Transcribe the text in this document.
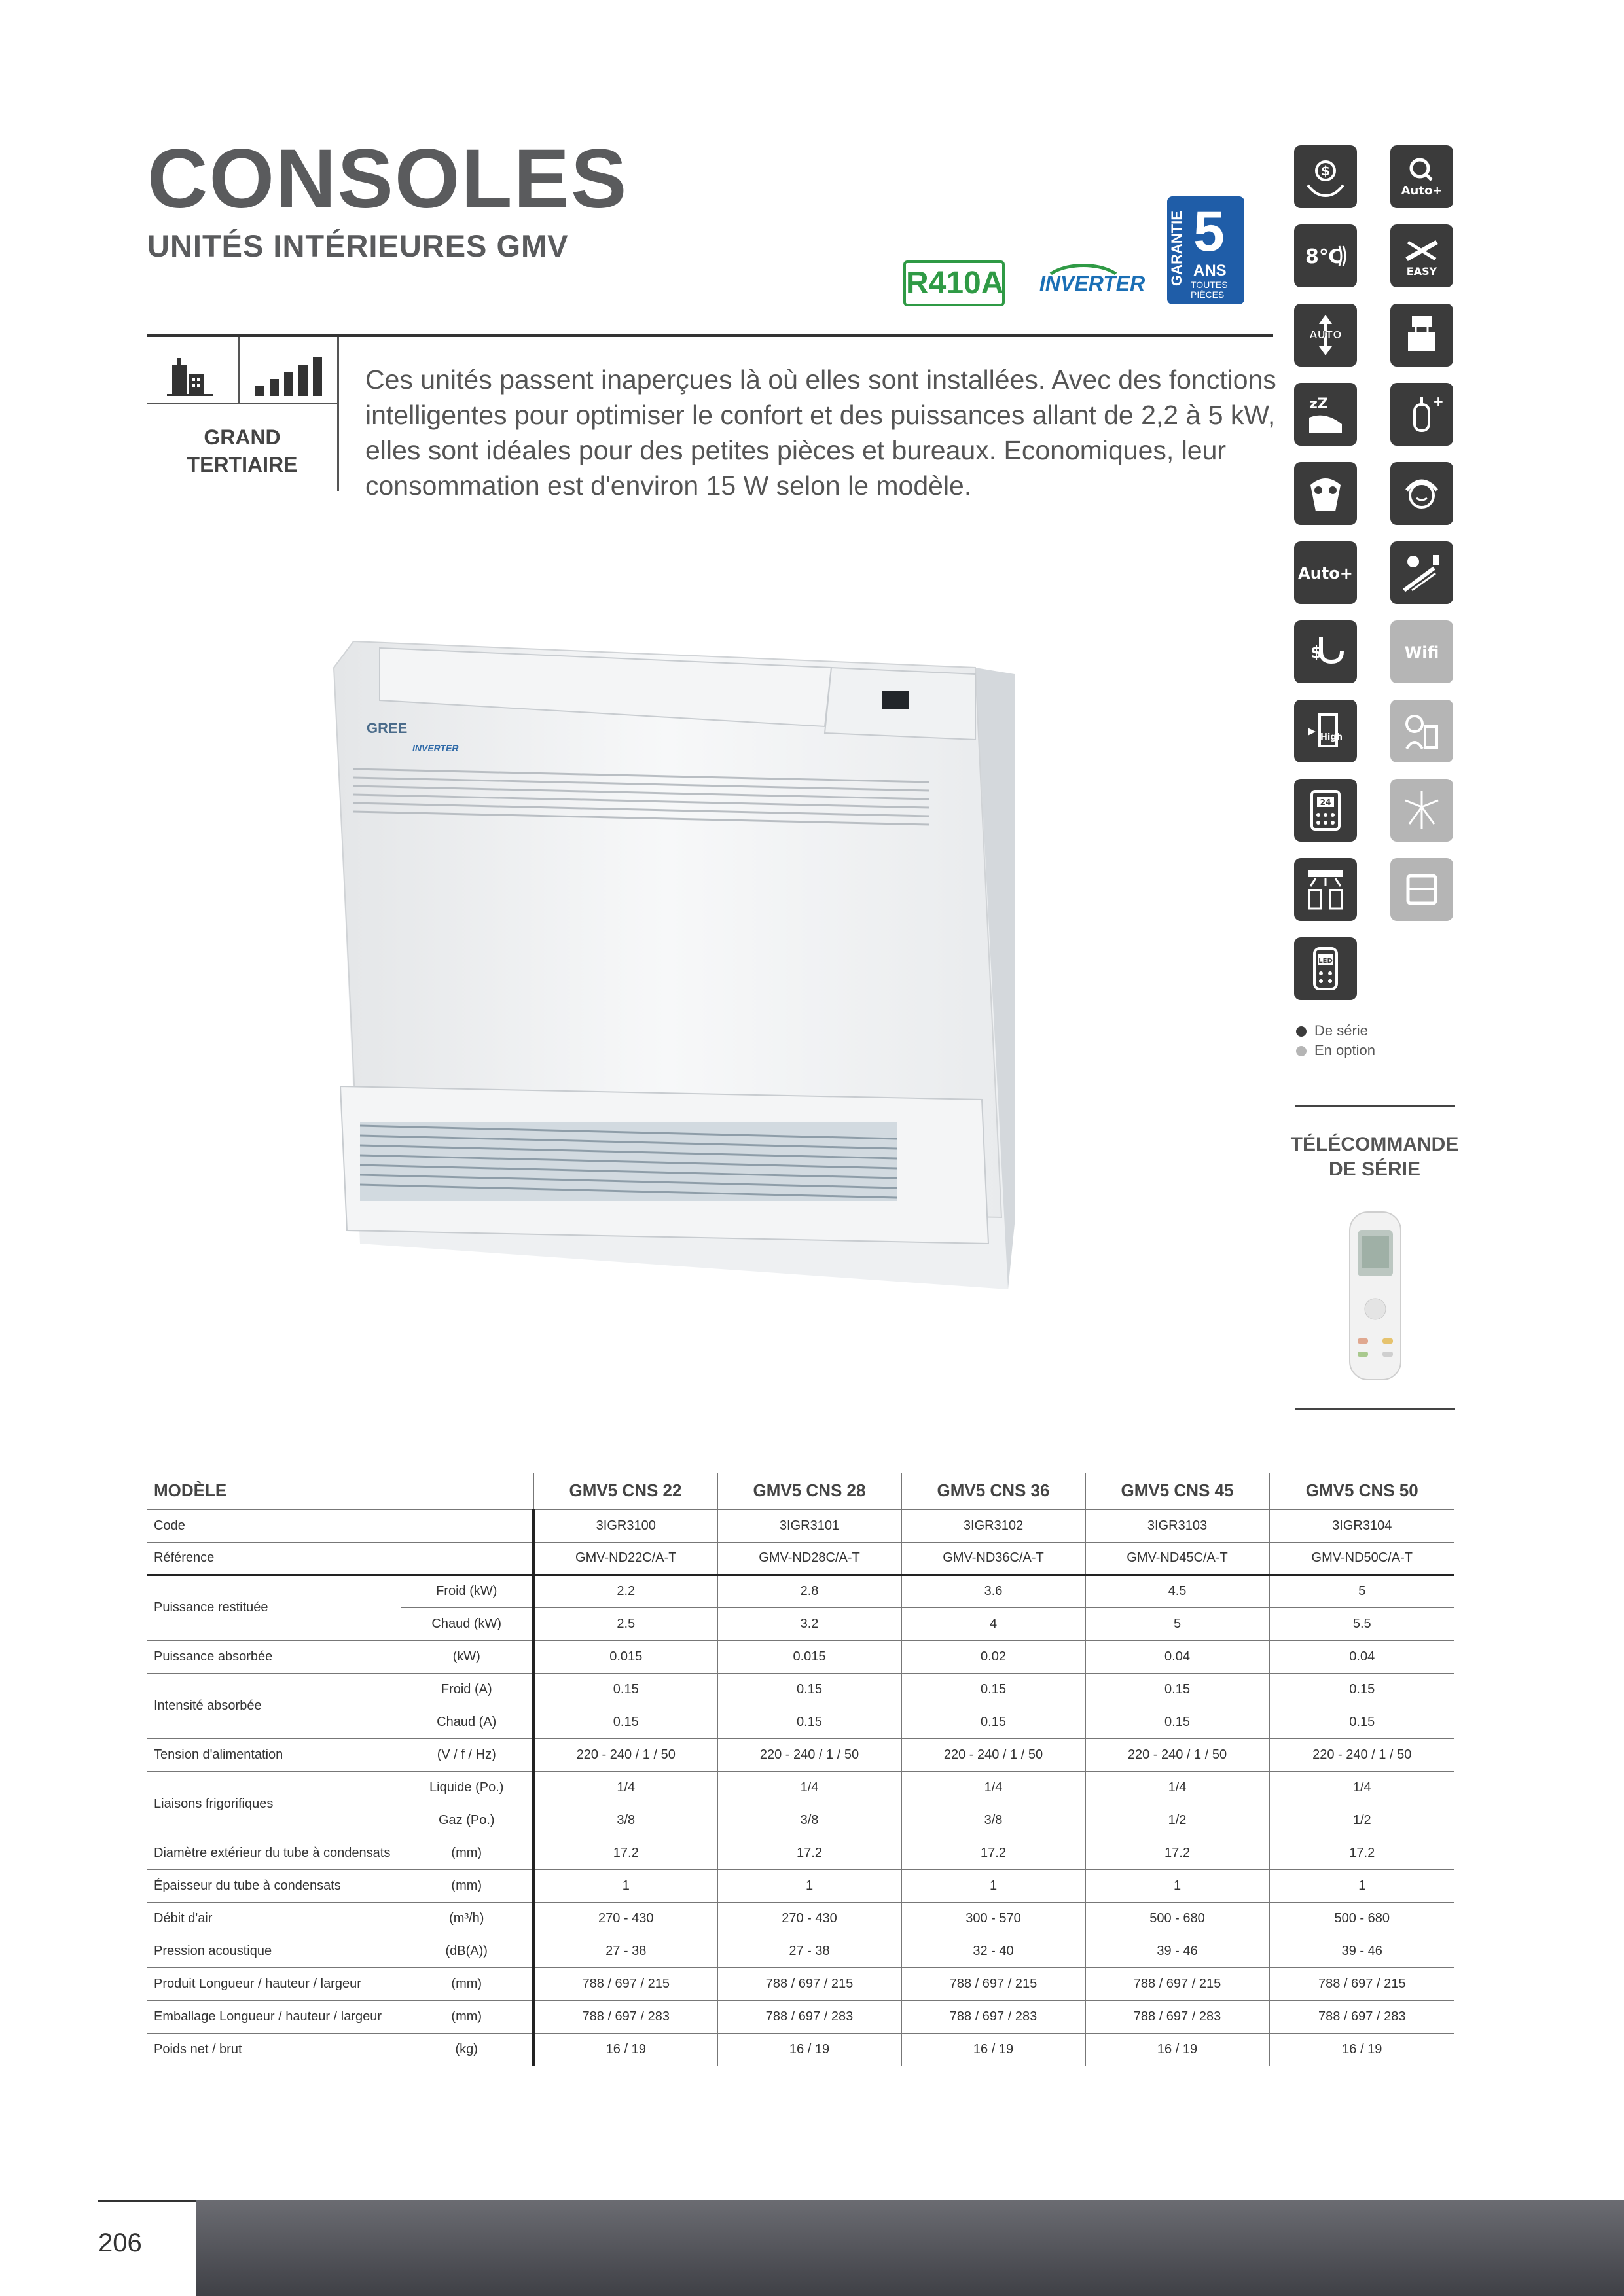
CONSOLES
UNITÉS INTÉRIEURES GMV
R410A INVERTER GARANTIE 5
ANS
TOUTES PIÈCES
GRAND TERTIAIRE
Ces unités passent inaperçues là où elles sont installées. Avec des fonctions intelligentes pour optimiser le confort et des puissances allant de 2,2 à 5 kW, elles sont idéales pour des petites pièces et bureaux. Economiques, leur consommation est d'environ 15 W selon le modèle.
GREE
INVERTER
$
Auto+
8℃
EASY
AUTO
zZ	+
Auto+
$	Wifi
High
24
LED
De série
En option
TÉLÉCOMMANDE DE SÉRIE
MODÈLE		GMV5 CNS 22	GMV5 CNS 28	GMV5 CNS 36	GMV5 CNS 45	GMV5 CNS 50
Code		3IGR3100	3IGR3101	3IGR3102	3IGR3103	3IGR3104
Référence		GMV-ND22C/A-T	GMV-ND28C/A-T	GMV-ND36C/A-T	GMV-ND45C/A-T	GMV-ND50C/A-T
Puissance restituée	Froid (kW)	2.2	2.8	3.6	4.5	5
	Chaud (kW)	2.5	3.2	4	5	5.5
Puissance absorbée	(kW)	0.015	0.015	0.02	0.04	0.04
Intensité absorbée	Froid (A)	0.15	0.15	0.15	0.15	0.15
	Chaud (A)	0.15	0.15	0.15	0.15	0.15
Tension d'alimentation	(V / f / Hz)	220 - 240 / 1 / 50	220 - 240 / 1 / 50	220 - 240 / 1 / 50	220 - 240 / 1 / 50	220 - 240 / 1 / 50
Liaisons frigorifiques	Liquide (Po.)	1/4	1/4	1/4	1/4	1/4
	Gaz (Po.)	3/8	3/8	3/8	1/2	1/2
Diamètre extérieur du tube à condensats	(mm)	17.2	17.2	17.2	17.2	17.2
Épaisseur du tube à condensats	(mm)	1	1	1	1	1
Débit d'air	(m³/h)	270 - 430	270 - 430	300 - 570	500 - 680	500 - 680
Pression acoustique	(dB(A))	27 - 38	27 - 38	32 - 40	39 - 46	39 - 46
Produit Longueur / hauteur / largeur	(mm)	788 / 697 / 215	788 / 697 / 215	788 / 697 / 215	788 / 697 / 215	788 / 697 / 215
Emballage Longueur / hauteur / largeur	(mm)	788 / 697 / 283	788 / 697 / 283	788 / 697 / 283	788 / 697 / 283	788 / 697 / 283
Poids net / brut	(kg)	16 / 19	16 / 19	16 / 19	16 / 19	16 / 19
206
